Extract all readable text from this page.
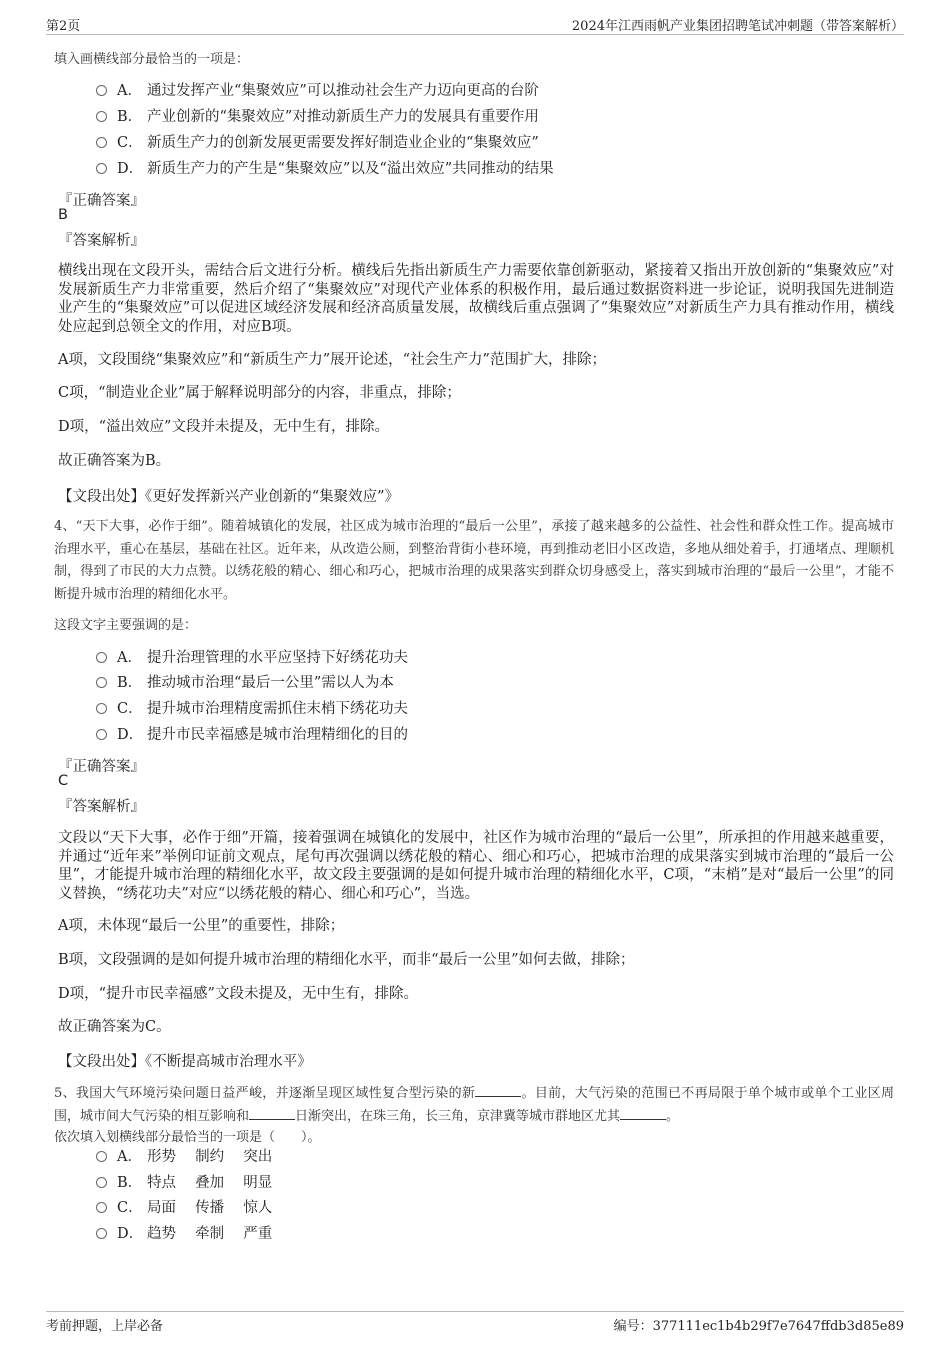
第2页	2024年江西雨帆产业集团招聘笔试冲刺题（带答案解析）
填入画横线部分最恰当的一项是：
A． 通过发挥产业“集聚效应”可以推动社会生产力迈向更高的台阶
B． 产业创新的“集聚效应”对推动新质生产力的发展具有重要作用
C． 新质生产力的创新发展更需要发挥好制造业企业的“集聚效应”
D． 新质生产力的产生是“集聚效应”以及“溢出效应”共同推动的结果
『正确答案』
B
『答案解析』
横线出现在文段开头，需结合后文进行分析。横线后先指出新质生产力需要依靠创新驱动，紧接着又指出开放创新的“集聚效应”对发展新质生产力非常重要，然后介绍了“集聚效应”对现代产业体系的积极作用，最后通过数据资料进一步论证，说明我国先进制造业产生的“集聚效应”可以促进区域经济发展和经济高质量发展，故横线后重点强调了“集聚效应”对新质生产力具有推动作用，横线处应起到总领全文的作用，对应B项。
A项，文段围绕“集聚效应”和“新质生产力”展开论述，“社会生产力”范围扩大，排除；
C项，“制造业企业”属于解释说明部分的内容，非重点，排除；
D项，“溢出效应”文段并未提及，无中生有，排除。
故正确答案为B。
【文段出处】《更好发挥新兴产业创新的“集聚效应”》
4、“天下大事，必作于细”。随着城镇化的发展，社区成为城市治理的“最后一公里”，承接了越来越多的公益性、社会性和群众性工作。提高城市治理水平，重心在基层，基础在社区。近年来，从改造公厕，到整治背街小巷环境，再到推动老旧小区改造，多地从细处着手，打通堵点、理顺机制，得到了市民的大力点赞。以绣花般的精心、细心和巧心，把城市治理的成果落实到群众切身感受上，落实到城市治理的“最后一公里”，才能不断提升城市治理的精细化水平。
这段文字主要强调的是：
A． 提升治理管理的水平应坚持下好绣花功夫
B． 推动城市治理“最后一公里”需以人为本
C． 提升城市治理精度需抓住末梢下绣花功夫
D． 提升市民幸福感是城市治理精细化的目的
『正确答案』
C
『答案解析』
文段以“天下大事，必作于细”开篇，接着强调在城镇化的发展中，社区作为城市治理的“最后一公里”，所承担的作用越来越重要，并通过“近年来”举例印证前文观点，尾句再次强调以绣花般的精心、细心和巧心，把城市治理的成果落实到城市治理的“最后一公里”，才能提升城市治理的精细化水平，故文段主要强调的是如何提升城市治理的精细化水平，C项，“末梢”是对“最后一公里”的同义替换，“绣花功夫”对应“以绣花般的精心、细心和巧心”，当选。
A项，未体现“最后一公里”的重要性，排除；
B项，文段强调的是如何提升城市治理的精细化水平，而非“最后一公里”如何去做，排除；
D项，“提升市民幸福感”文段未提及，无中生有，排除。
故正确答案为C。
【文段出处】《不断提高城市治理水平》
5、我国大气环境污染问题日益严峻，并逐渐呈现区域性复合型污染的新	。目前，大气污染的范围已不再局限于单个城市或单个工业区周围，城市间大气污染的相互影响和	日渐突出，在珠三角，长三角，京津冀等城市群地区尤其	。
依次填入划横线部分最恰当的一项是（　　）。
A． 形势　 制约　 突出
B． 特点　 叠加　 明显
C． 局面　 传播　 惊人
D． 趋势　 牵制　 严重
考前押题，上岸必备	编号：377111ec1b4b29f7e7647ffdb3d85e89
